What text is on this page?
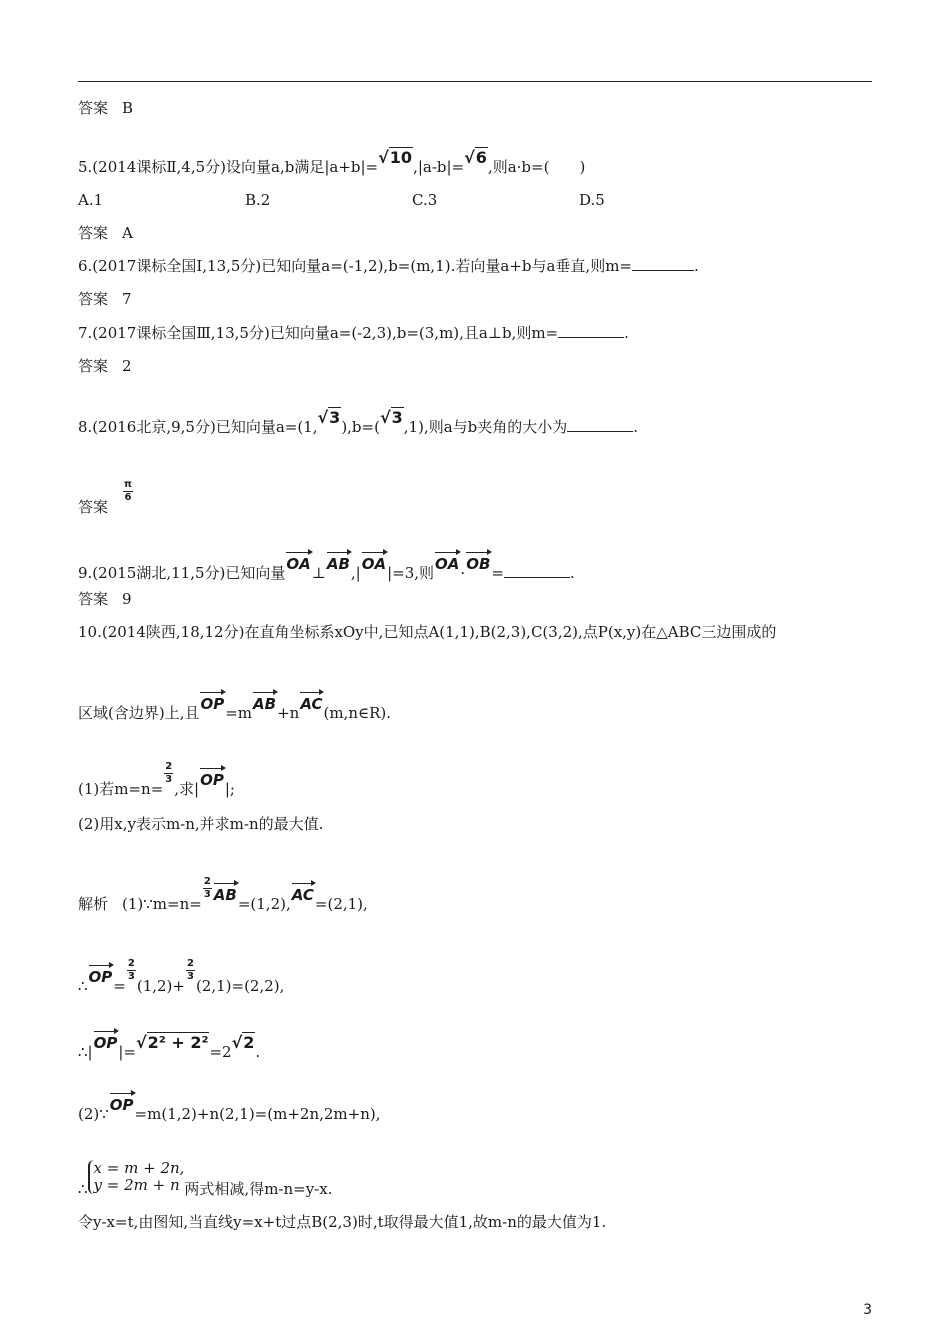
答案 B
5.(2014课标Ⅱ,4,5分)设向量a,b满足|a+b|=√10,|a-b|=√6,则a·b=(　　)
A.1	B.2	C.3	D.5
答案 A
6.(2017课标全国Ⅰ,13,5分)已知向量a=(-1,2),b=(m,1).若向量a+b与a垂直,则m=	.
答案 7
7.(2017课标全国Ⅲ,13,5分)已知向量a=(-2,3),b=(3,m),且a⊥b,则m=	.
答案 2
8.(2016北京,9,5分)已知向量a=(1,√3),b=(√3,1),则a与b夹角的大小为	.
答案
$\frac{\pi}{6}$
9.(2015湖北,11,5分)已知向量OA⊥AB,|OA|=3,则OA·OB=	.
答案 9
10.(2014陕西,18,12分)在直角坐标系xOy中,已知点A(1,1),B(2,3),C(3,2),点P(x,y)在△ABC三边围成的
区域(含边界)上,且OP=mAB+nAC(m,n∈R).
(1)若m=n=
$\frac{2}{3}$
,求|OP|;
(2)用x,y表示m-n,并求m-n的最大值.
解析 (1)∵m=n=
$\frac{2}{3} AB=(1,2),AC=(2,1)$,
∴OP=
$\frac{2}{3}$
(1,2)+
$\frac{2}{3}$
(2,1)=(2,2),
∴|OP|=√2² + 2²=2√2.
(2)∵OP=m(1,2)+n(2,1)=(m+2n,2m+n),
∴
x = m + 2n,
y = 2m + n 两式相减,得m-n=y-x.
令y-x=t,由图知,当直线y=x+t过点B(2,3)时,t取得最大值1,故m-n的最大值为1.
3
